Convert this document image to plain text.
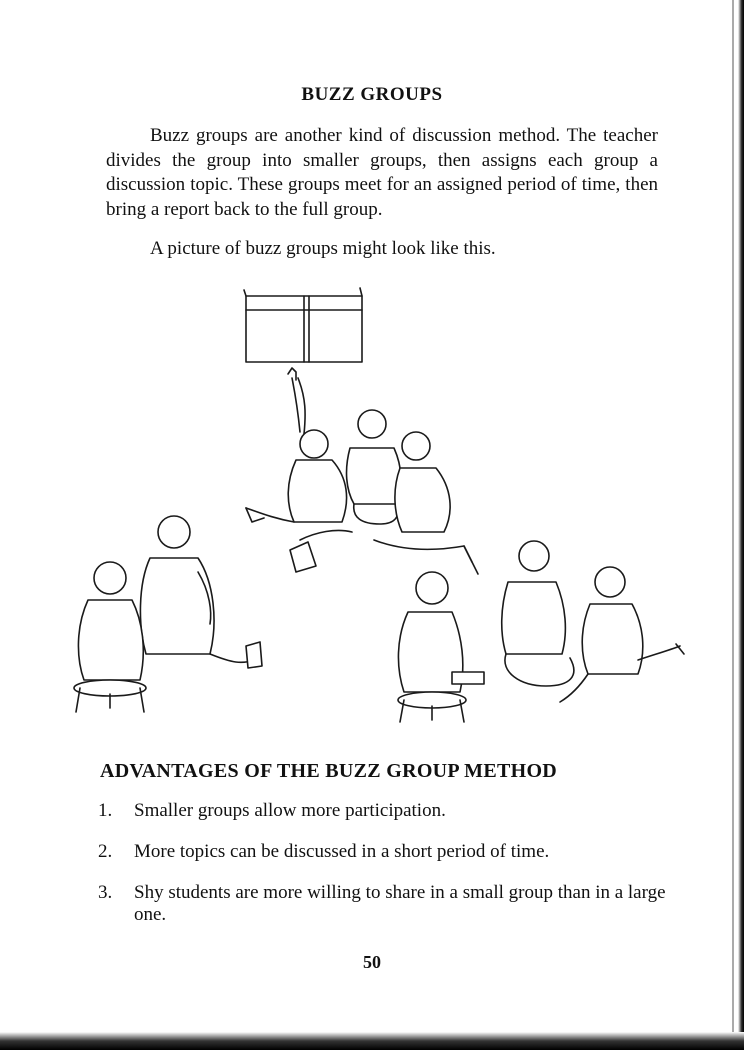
BUZZ GROUPS

Buzz groups are another kind of discussion method. The teacher divides the group into smaller groups, then assigns each group a discussion topic. These groups meet for an assigned period of time, then bring a report back to the full group.

A picture of buzz groups might look like this.
ADVANTAGES OF THE BUZZ GROUP METHOD
1. Smaller groups allow more participation.
2. More topics can be discussed in a short period of time.
3. Shy students are more willing to share in a small group than in a large one.
50
